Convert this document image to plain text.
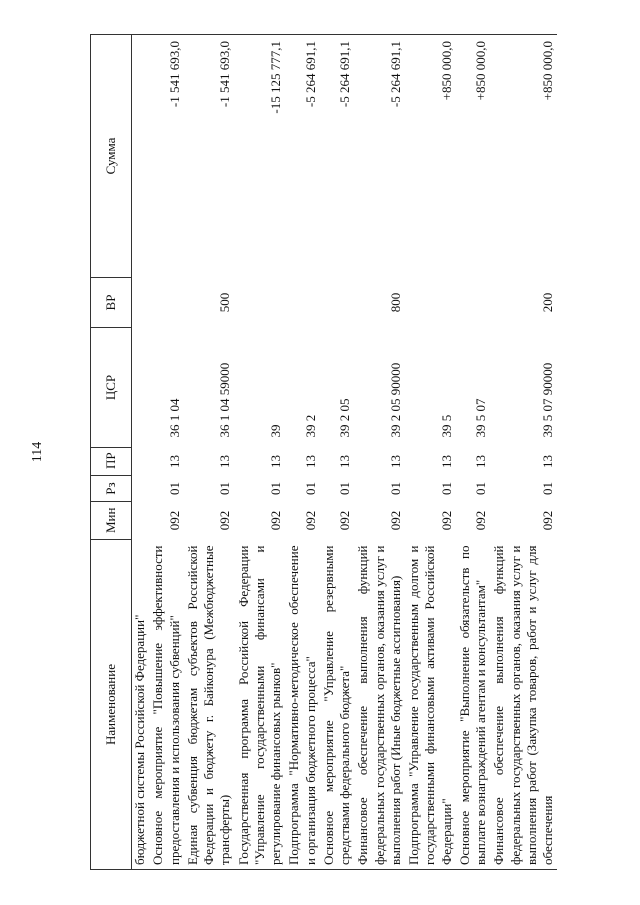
114
Наименование	Мин	Рз	ПР	ЦСР	ВР	Сумма
бюджетной системы Российской Федерации"						
Основное мероприятие "Повышение эффективности предоставления и использования субвенций"	092	01	13	36 1 04		-1 541 693,0
Единая субвенция бюджетам субъектов Российской Федерации и бюджету г. Байконура (Межбюджетные трансферты)	092	01	13	36 1 04 59000	500	-1 541 693,0
Государственная программа Российской Федерации "Управление государственными финансами и регулирование финансовых рынков"	092	01	13	39		-15 125 777,1
Подпрограмма "Нормативно-методическое обеспечение и организация бюджетного процесса"	092	01	13	39 2		-5 264 691,1
Основное мероприятие "Управление резервными средствами федерального бюджета"	092	01	13	39 2 05		-5 264 691,1
Финансовое обеспечение выполнения функций федеральных государственных органов, оказания услуг и выполнения работ (Иные бюджетные ассигнования)	092	01	13	39 2 05 90000	800	-5 264 691,1
Подпрограмма "Управление государственным долгом и государственными финансовыми активами Российской Федерации"	092	01	13	39 5		+850 000,0
Основное мероприятие "Выполнение обязательств по выплате вознаграждений агентам и консультантам"	092	01	13	39 5 07		+850 000,0
Финансовое обеспечение выполнения функций федеральных государственных органов, оказания услуг и выполнения работ (Закупка товаров, работ и услуг для обеспечения	092	01	13	39 5 07 90000	200	+850 000,0
